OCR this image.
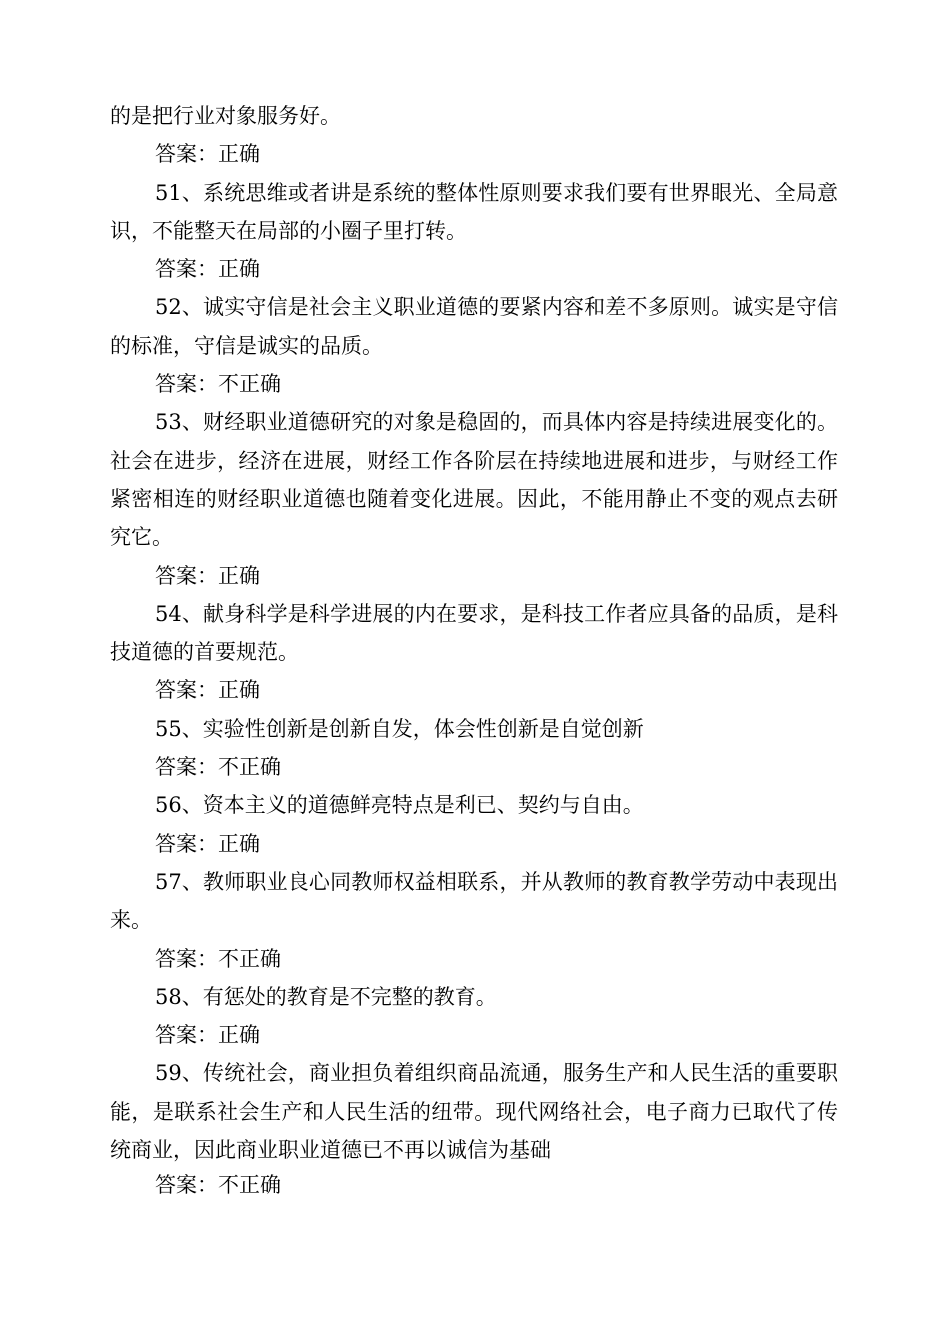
的是把行业对象服务好。

答案：正确

51、系统思维或者讲是系统的整体性原则要求我们要有世界眼光、全局意识，不能整天在局部的小圈子里打转。

答案：正确

52、诚实守信是社会主义职业道德的要紧内容和差不多原则。诚实是守信的标准，守信是诚实的品质。

答案：不正确

53、财经职业道德研究的对象是稳固的，而具体内容是持续进展变化的。社会在进步，经济在进展，财经工作各阶层在持续地进展和进步，与财经工作紧密相连的财经职业道德也随着变化进展。因此，不能用静止不变的观点去研究它。

答案：正确

54、献身科学是科学进展的内在要求，是科技工作者应具备的品质，是科技道德的首要规范。

答案：正确

55、实验性创新是创新自发，体会性创新是自觉创新

答案：不正确

56、资本主义的道德鲜亮特点是利已、契约与自由。

答案：正确

57、教师职业良心同教师权益相联系，并从教师的教育教学劳动中表现出来。

答案：不正确

58、有惩处的教育是不完整的教育。

答案：正确

59、传统社会，商业担负着组织商品流通，服务生产和人民生活的重要职能，是联系社会生产和人民生活的纽带。现代网络社会，电子商力已取代了传统商业，因此商业职业道德已不再以诚信为基础

答案：不正确
